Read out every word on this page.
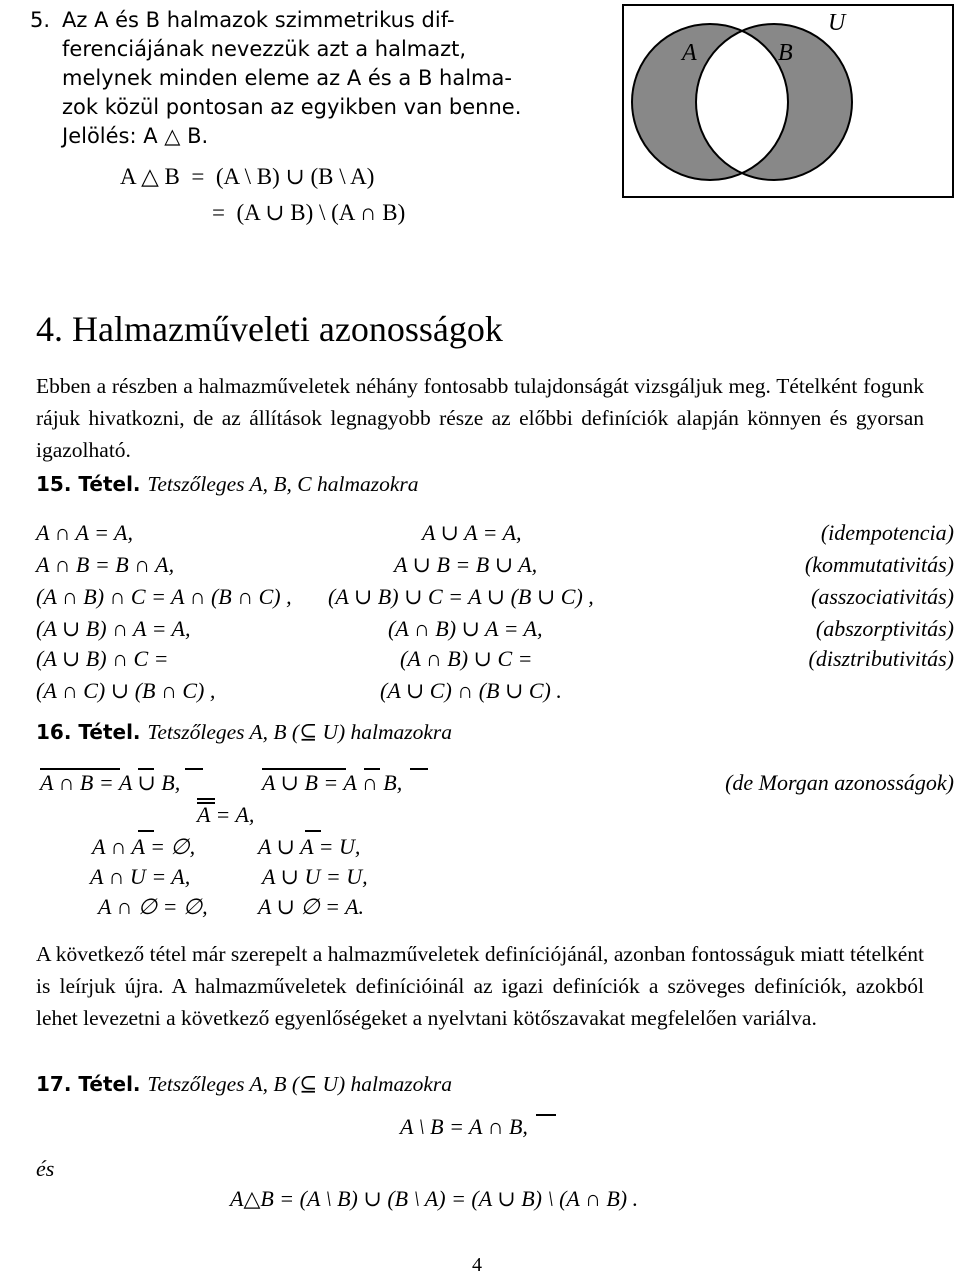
5. Az A és B halmazok szimmetrikus dif-
ferenciájának nevezzük azt a halmazt,
melynek minden eleme az A és a B halma-
zok közül pontosan az egyikben van benne.
Jelölés: A △ B.
A △ B  =  (A \ B) ∪ (B \ A)
=  (A ∪ B) \ (A ∩ B)
A	B
U
4. Halmazműveleti azonosságok
Ebben a részben a halmazműveletek néhány fontosabb tulajdonságát vizsgáljuk meg. Tételként fogunk rájuk hivatkozni, de az állítások legnagyobb része az előbbi definíciók alapján könnyen és gyorsan igazolható.
15. Tétel. Tetszőleges A, B, C halmazokra
A ∩ A = A,	A ∪ A = A,	(idempotencia)
A ∩ B = B ∩ A,	A ∪ B = B ∪ A,	(kommutativitás)
(A ∩ B) ∩ C = A ∩ (B ∩ C) , (A ∪ B) ∪ C = A ∪ (B ∪ C) ,	(asszociativitás)
(A ∪ B) ∩ A = A,	(A ∩ B) ∪ A = A,	(abszorptivitás)
(A ∪ B) ∩ C =	(A ∩ B) ∪ C =	(disztributivitás)
(A ∩ C) ∪ (B ∩ C) ,	(A ∪ C) ∩ (B ∪ C) .
16. Tétel. Tetszőleges A, B (⊆ U) halmazokra
A ∩ B = A ∪ B,	A ∪ B = A ∩ B,	(de Morgan azonosságok)
A = A,
A ∩ A = ∅,	A ∪ A = U,
A ∩ U = A,	A ∪ U = U,
A ∩ ∅ = ∅, A ∪ ∅ = A.
A következő tétel már szerepelt a halmazműveletek definíciójánál, azonban fontosságuk miatt tételként is leírjuk újra. A halmazműveletek definícióinál az igazi definíciók a szöveges definíciók, azokból lehet levezetni a következő egyenlőségeket a nyelvtani kötőszavakat megfelelően variálva.
17. Tétel. Tetszőleges A, B (⊆ U) halmazokra
A \ B = A ∩ B,
és
A△B = (A \ B) ∪ (B \ A) = (A ∪ B) \ (A ∩ B) .
4
